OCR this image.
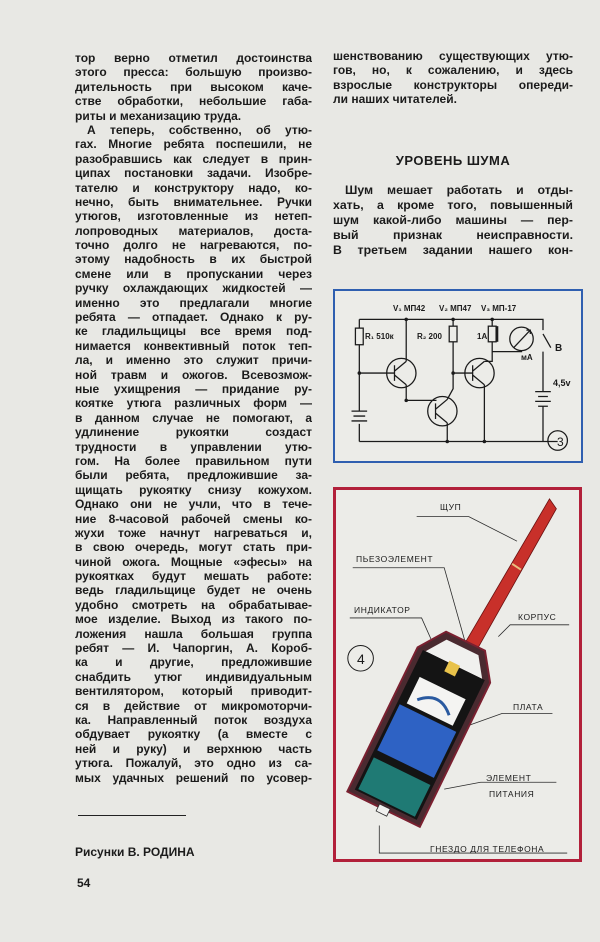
тор верно отметил достоинства
этого пресса: большую произво-
дительность при высоком каче-
стве обработки, небольшие габа-
риты и механизацию труда.
А теперь, собственно, об утю-
гах. Многие ребята поспешили, не
разобравшись как следует в прин-
ципах постановки задачи. Изобре-
тателю и конструктору надо, ко-
нечно, быть внимательнее. Ручки
утюгов, изготовленные из нетеп-
лопроводных материалов, доста-
точно долго не нагреваются, по-
этому надобность в их быстрой
смене или в пропускании через
ручку охлаждающих жидкостей —
именно это предлагали многие
ребята — отпадает. Однако к ру-
ке гладильщицы все время под-
нимается конвективный поток теп-
ла, и именно это служит причи-
ной травм и ожогов. Всевозмож-
ные ухищрения — придание ру-
коятке утюга различных форм —
в данном случае не помогают, а
удлинение рукоятки создаст
трудности в управлении утю-
гом. На более правильном пути
были ребята, предложившие за-
щищать рукоятку снизу кожухом.
Однако они не учли, что в тече-
ние 8-часовой рабочей смены ко-
жухи тоже начнут нагреваться и,
в свою очередь, могут стать при-
чиной ожога. Мощные «эфесы» на
рукоятках будут мешать работе:
ведь гладильщице будет не очень
удобно смотреть на обрабатывае-
мое изделие. Выход из такого по-
ложения нашла большая группа
ребят — И. Чапоргин, А. Короб-
ка и другие, предложившие
снабдить утюг индивидуальным
вентилятором, который приводит-
ся в действие от микромоторчи-
ка. Направленный поток воздуха
обдувает рукоятку (а вместе с
ней и руку) и верхнюю часть
утюга. Пожалуй, это одно из са-
мых удачных решений по усовер-
шенствованию существующих утю-
гов, но, к сожалению, и здесь
взрослые конструкторы опереди-
ли наших читателей.
УРОВЕНЬ ШУМА
Шум мешает работать и отды-
хать, а кроме того, повышенный
шум какой-либо машины — пер-
вый признак неисправности.
В третьем задании нашего кон-
V₁ МП42 V₂ МП47 V₃ МП-17
R₁ 510к	R₂ 200	1А
мА
В
4,5v
3
ЩУП
ПЬЕЗОЭЛЕМЕНТ
ИНДИКАТОР
КОРПУС
ПЛАТА
ЭЛЕМЕНТ
ПИТАНИЯ
ГНЕЗДО ДЛЯ ТЕЛЕФОНА
4
Рисунки В. РОДИНА
54
